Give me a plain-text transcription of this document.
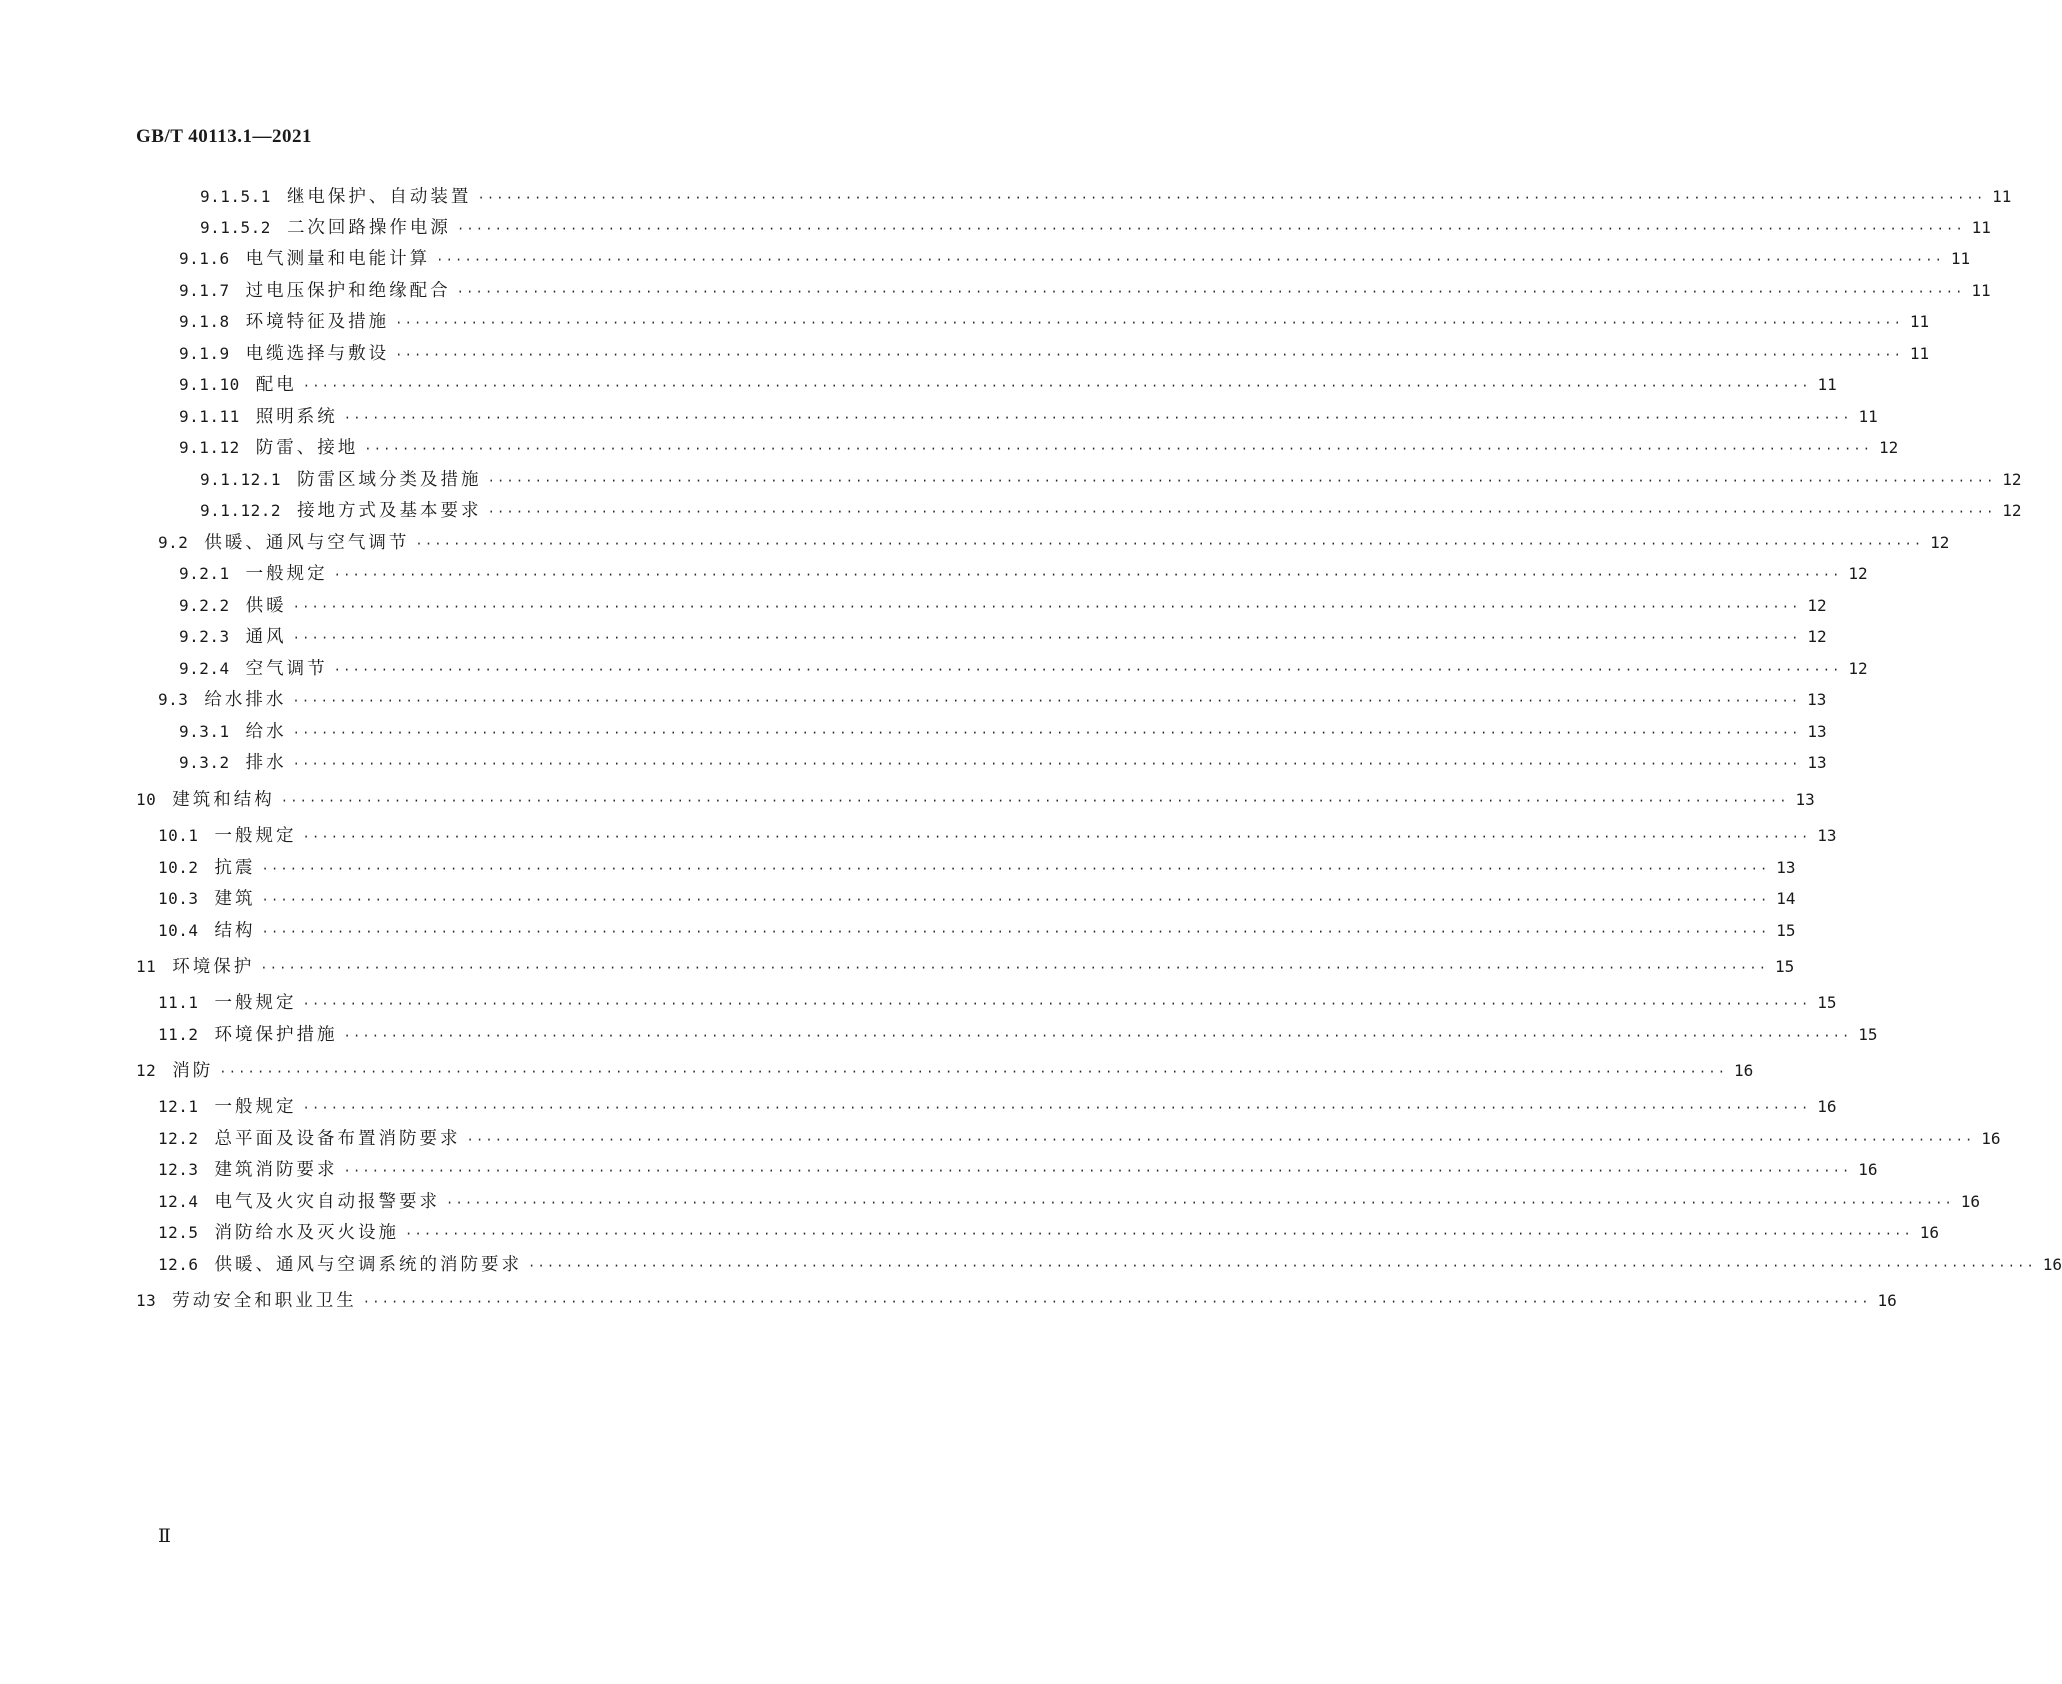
GB/T 40113.1—2021
9.1.5.1 继电保护、自动装置 ································································································································································ 11
9.1.5.2 二次回路操作电源 ································································································································································ 11
9.1.6 电气测量和电能计算 ································································································································································ 11
9.1.7 过电压保护和绝缘配合 ································································································································································ 11
9.1.8 环境特征及措施 ································································································································································ 11
9.1.9 电缆选择与敷设 ································································································································································ 11
9.1.10 配电 ································································································································································ 11
9.1.11 照明系统 ································································································································································ 11
9.1.12 防雷、接地 ································································································································································ 12
9.1.12.1 防雷区域分类及措施 ································································································································································ 12
9.1.12.2 接地方式及基本要求 ································································································································································ 12
9.2 供暖、通风与空气调节 ································································································································································ 12
9.2.1 一般规定 ································································································································································ 12
9.2.2 供暖 ································································································································································ 12
9.2.3 通风 ································································································································································ 12
9.2.4 空气调节 ································································································································································ 12
9.3 给水排水 ································································································································································ 13
9.3.1 给水 ································································································································································ 13
9.3.2 排水 ································································································································································ 13
10 建筑和结构 ································································································································································ 13
10.1 一般规定 ································································································································································ 13
10.2 抗震 ································································································································································ 13
10.3 建筑 ································································································································································ 14
10.4 结构 ································································································································································ 15
11 环境保护 ································································································································································ 15
11.1 一般规定 ································································································································································ 15
11.2 环境保护措施 ································································································································································ 15
12 消防 ································································································································································ 16
12.1 一般规定 ································································································································································ 16
12.2 总平面及设备布置消防要求 ································································································································································ 16
12.3 建筑消防要求 ································································································································································ 16
12.4 电气及火灾自动报警要求 ································································································································································ 16
12.5 消防给水及灭火设施 ································································································································································ 16
12.6 供暖、通风与空调系统的消防要求 ································································································································································ 16
13 劳动安全和职业卫生 ································································································································································ 16
Ⅱ
